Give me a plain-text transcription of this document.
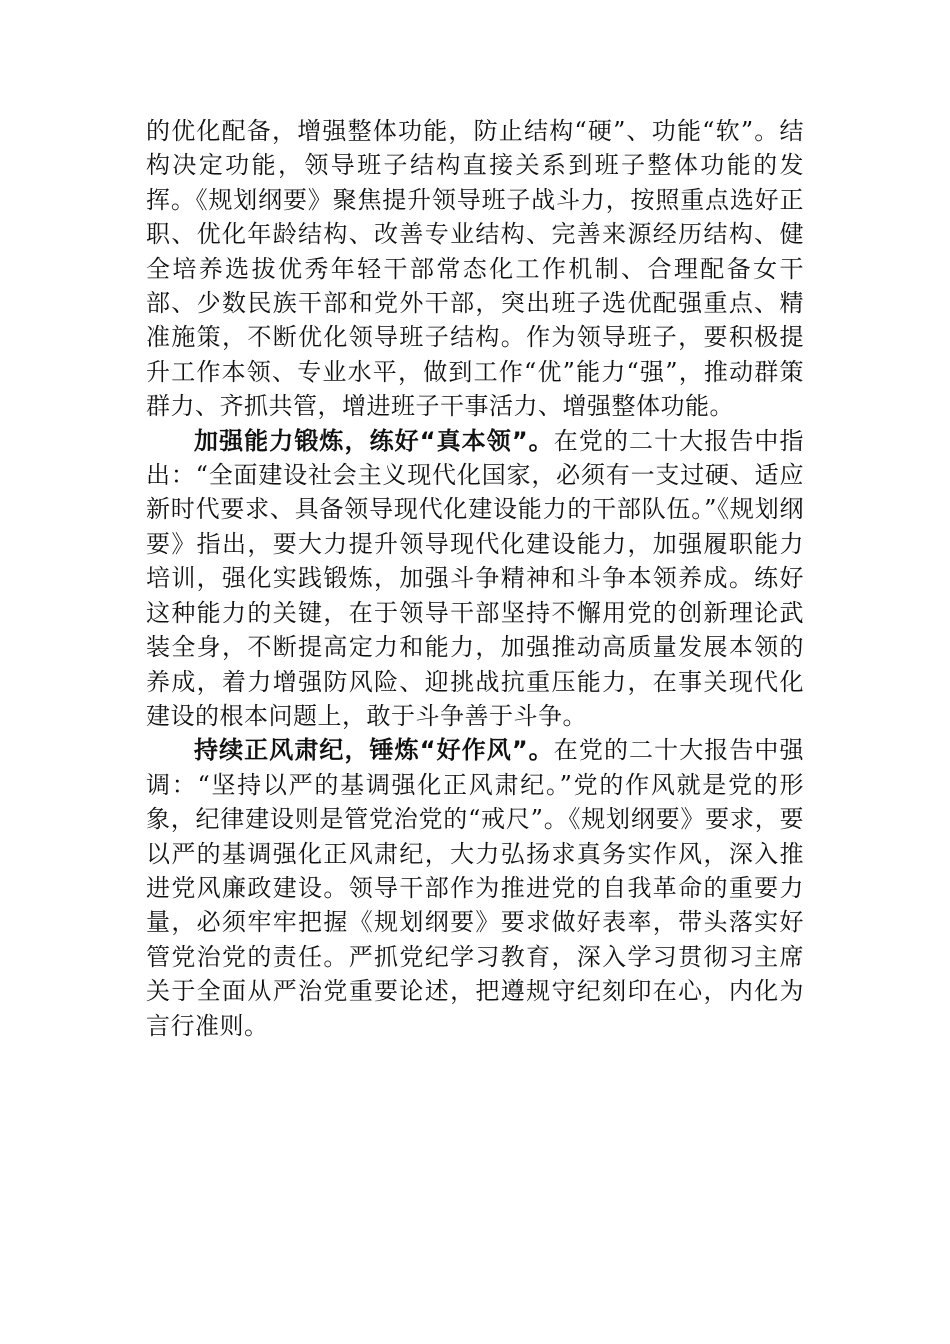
的优化配备，增强整体功能，防止结构“硬”、功能“软”。结构决定功能，领导班子结构直接关系到班子整体功能的发挥。《规划纲要》聚焦提升领导班子战斗力，按照重点选好正职、优化年龄结构、改善专业结构、完善来源经历结构、健全培养选拔优秀年轻干部常态化工作机制、合理配备女干部、少数民族干部和党外干部，突出班子选优配强重点、精准施策，不断优化领导班子结构。作为领导班子，要积极提升工作本领、专业水平，做到工作“优”能力“强”，推动群策群力、齐抓共管，增进班子干事活力、增强整体功能。

加强能力锻炼，练好“真本领”。在党的二十大报告中指出：“全面建设社会主义现代化国家，必须有一支过硬、适应新时代要求、具备领导现代化建设能力的干部队伍。”《规划纲要》指出，要大力提升领导现代化建设能力，加强履职能力培训，强化实践锻炼，加强斗争精神和斗争本领养成。练好这种能力的关键，在于领导干部坚持不懈用党的创新理论武装全身，不断提高定力和能力，加强推动高质量发展本领的养成，着力增强防风险、迎挑战抗重压能力，在事关现代化建设的根本问题上，敢于斗争善于斗争。

持续正风肃纪，锤炼“好作风”。在党的二十大报告中强调：“坚持以严的基调强化正风肃纪。”党的作风就是党的形象，纪律建设则是管党治党的“戒尺”。《规划纲要》要求，要以严的基调强化正风肃纪，大力弘扬求真务实作风，深入推进党风廉政建设。领导干部作为推进党的自我革命的重要力量，必须牢牢把握《规划纲要》要求做好表率，带头落实好管党治党的责任。严抓党纪学习教育，深入学习贯彻习主席关于全面从严治党重要论述，把遵规守纪刻印在心，内化为言行准则。
